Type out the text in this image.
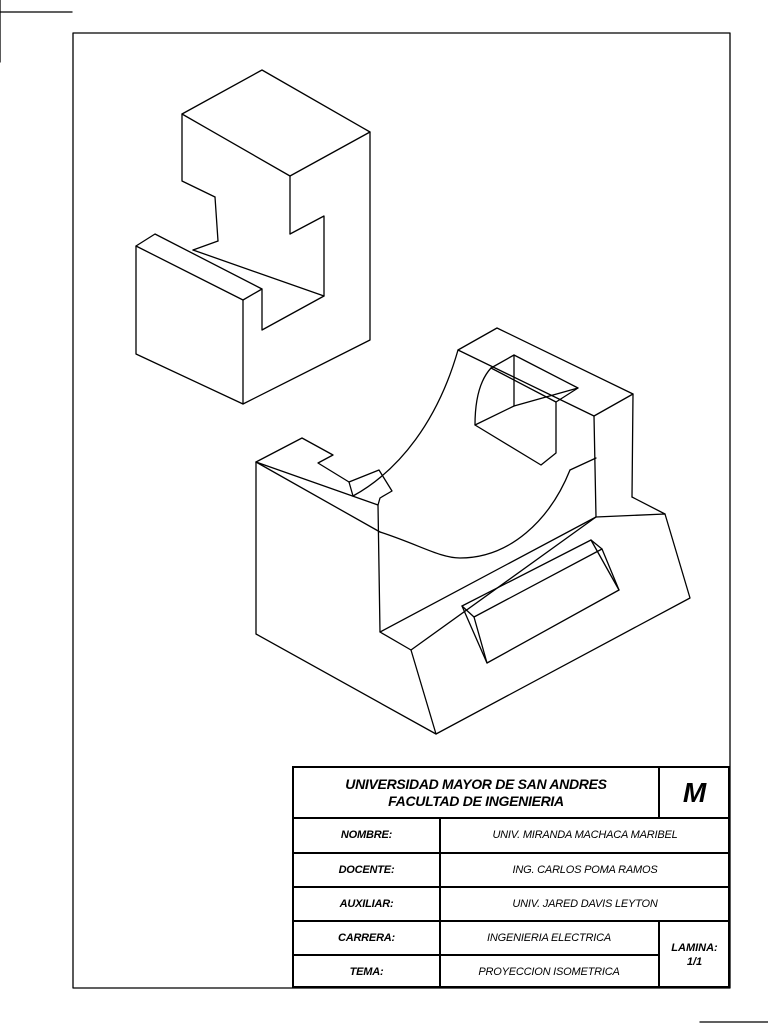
UNIVERSIDAD MAYOR DE SAN ANDRES
FACULTAD DE INGENIERIA	M
NOMBRE:	UNIV. MIRANDA MACHACA MARIBEL
DOCENTE:	ING. CARLOS POMA RAMOS
AUXILIAR:	UNIV. JARED DAVIS LEYTON
CARRERA:	INGENIERIA ELECTRICA
TEMA:	PROYECCION ISOMETRICA
LAMINA:
1/1
